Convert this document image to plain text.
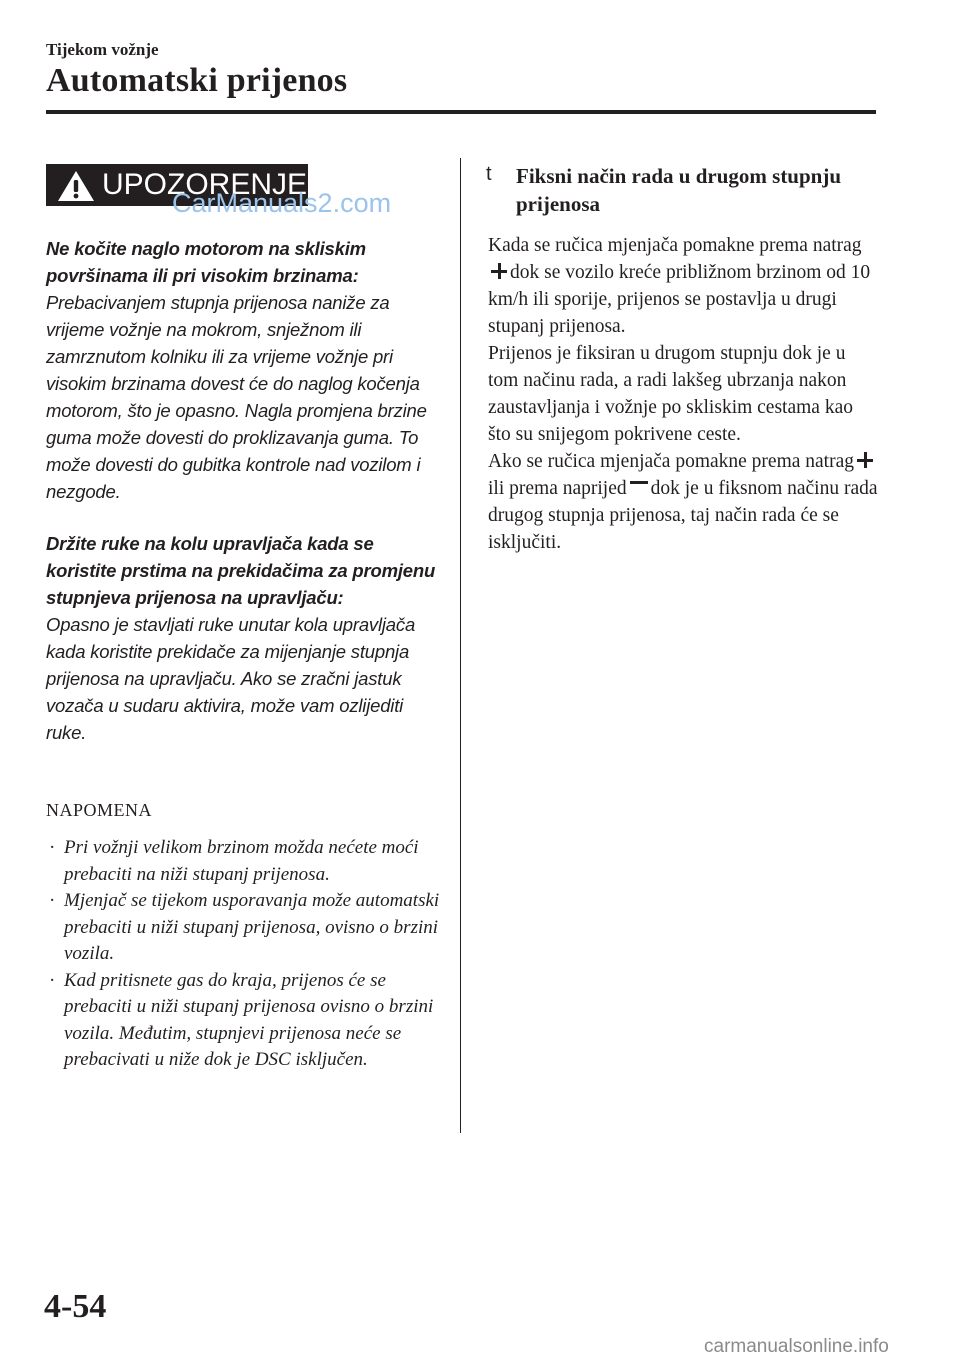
Tijekom vožnje
Automatski prijenos
UPOZORENJE
CarManuals2.com
Ne kočite naglo motorom na skliskim površinama ili pri visokim brzinama:
Prebacivanjem stupnja prijenosa naniže za vrijeme vožnje na mokrom, snježnom ili zamrznutom kolniku ili za vrijeme vožnje pri visokim brzinama dovest će do naglog kočenja motorom, što je opasno. Nagla promjena brzine guma može dovesti do proklizavanja guma. To može dovesti do gubitka kontrole nad vozilom i nezgode.
Držite ruke na kolu upravljača kada se koristite prstima na prekidačima za promjenu stupnjeva prijenosa na upravljaču:
Opasno je stavljati ruke unutar kola upravljača kada koristite prekidače za mijenjanje stupnja prijenosa na upravljaču. Ako se zračni jastuk vozača u sudaru aktivira, može vam ozlijediti ruke.
NAPOMENA
· Pri vožnji velikom brzinom možda nećete moći prebaciti na niži stupanj prijenosa.
· Mjenjač se tijekom usporavanja može automatski prebaciti u niži stupanj prijenosa, ovisno o brzini vozila.
· Kad pritisnete gas do kraja, prijenos će se prebaciti u niži stupanj prijenosa ovisno o brzini vozila. Međutim, stupnjevi prijenosa neće se prebacivati u niže dok je DSC isključen.
t Fiksni način rada u drugom stupnju prijenosa
Kada se ručica mjenjača pomakne prema natragdok se vozilo kreće približnom brzinom od 10 km/h ili sporije, prijenos se postavlja u drugi stupanj prijenosa.
Prijenos je fiksiran u drugom stupnju dok je u tom načinu rada, a radi lakšeg ubrzanja nakon zaustavljanja i vožnje po skliskim cestama kao što su snijegom pokrivene ceste.
Ako se ručica mjenjača pomakne prema natragili prema naprijed dok je u fiksnom načinu rada drugog stupnja prijenosa, taj način rada će se isključiti.
4-54
carmanualsonline.info
